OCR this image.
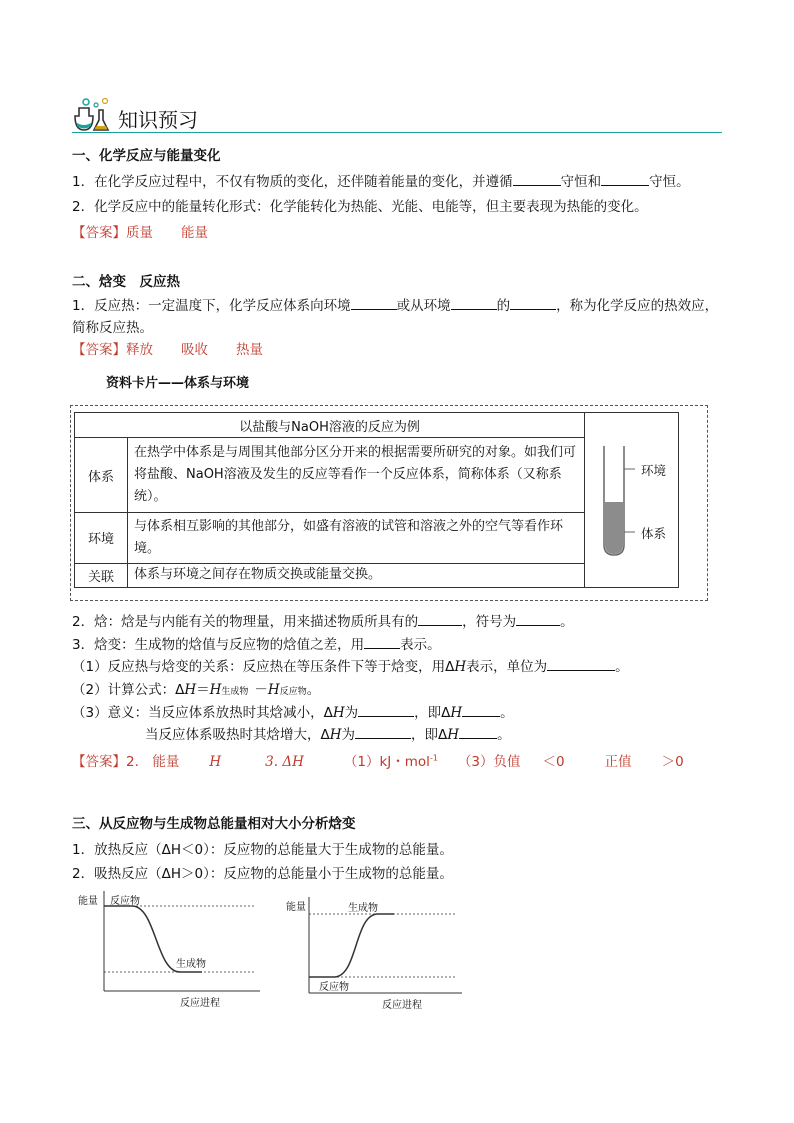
知识预习
一、化学反应与能量变化
1．在化学反应过程中，不仅有物质的变化，还伴随着能量的变化，并遵循	守恒和	守恒。
2．化学反应中的能量转化形式：化学能转化为热能、光能、电能等，但主要表现为热能的变化。
【答案】质量 能量
二、焓变　反应热
1．反应热：一定温度下，化学反应体系向环境	或从环境	的	，称为化学反应的热效应，
简称反应热。
【答案】释放 吸收 热量
资料卡片——体系与环境
以盐酸与NaOH溶液的反应为例	
体系	在热学中体系是与周围其他部分区分开来的根据需要所研究的对象。如我们可将盐酸、NaOH溶液及发生的反应等看作一个反应体系，简称体系（又称系统）。	
环境	与体系相互影响的其他部分，如盛有溶液的试管和溶液之外的空气等看作环境。	
关联	体系与环境之间存在物质交换或能量交换。	
环境
体系
2．焓：焓是与内能有关的物理量，用来描述物质所具有的	，符号为	。
3．焓变：生成物的焓值与反应物的焓值之差，用	表示。
（1）反应热与焓变的关系：反应热在等压条件下等于焓变，用ΔH表示，单位为	。
（2）计算公式：ΔH＝H生成物 －H反应物。
（3）意义：当反应体系放热时其焓减小，ΔH为	，即ΔH	。
当反应体系吸热时其焓增大，ΔH为	，即ΔH	。
【答案】2.　能量 H	3. ΔH	（1）kJ・mol$^{-1}$ （3）负值 ＜0	正值 ＞0
三、从反应物与生成物总能量相对大小分析焓变
1．放热反应（ΔH＜0）：反应物的总能量大于生成物的总能量。
2．吸热反应（ΔH＞0）：反应物的总能量小于生成物的总能量。
能量 反应物
生成物
反应进程
能量	生成物
反应物
反应进程
